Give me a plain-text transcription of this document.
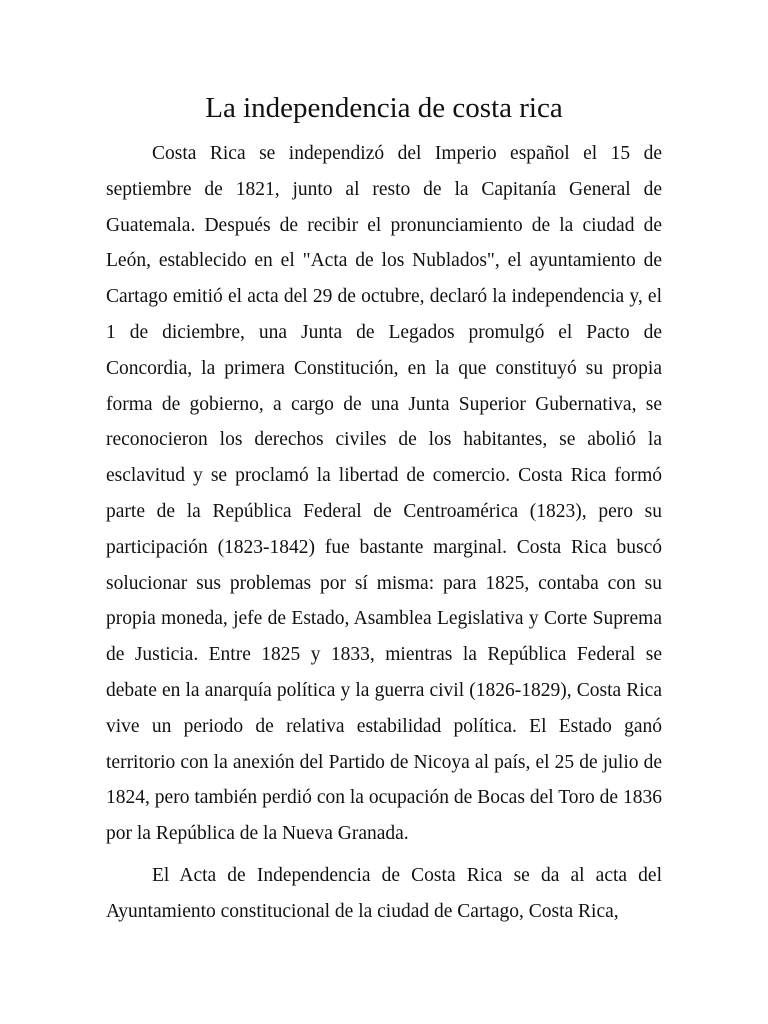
La independencia de costa rica

Costa Rica se independizó del Imperio español el 15 de septiembre de 1821, junto al resto de la Capitanía General de Guatemala. Después de recibir el pronunciamiento de la ciudad de León, establecido en el "Acta de los Nublados", el ayuntamiento de Cartago emitió el acta del 29 de octubre, declaró la independencia y, el 1 de diciembre, una Junta de Legados promulgó el Pacto de Concordia, la primera Constitución, en la que constituyó su propia forma de gobierno, a cargo de una Junta Superior Gubernativa, se reconocieron los derechos civiles de los habitantes, se abolió la esclavitud y se proclamó la libertad de comercio. Costa Rica formó parte de la República Federal de Centroamérica (1823), pero su participación (1823-1842) fue bastante marginal. Costa Rica buscó solucionar sus problemas por sí misma: para 1825, contaba con su propia moneda, jefe de Estado, Asamblea Legislativa y Corte Suprema de Justicia. Entre 1825 y 1833, mientras la República Federal se debate en la anarquía política y la guerra civil (1826-1829), Costa Rica vive un periodo de relativa estabilidad política. El Estado ganó territorio con la anexión del Partido de Nicoya al país, el 25 de julio de 1824, pero también perdió con la ocupación de Bocas del Toro de 1836 por la República de la Nueva Granada.

El Acta de Independencia de Costa Rica se da al acta del Ayuntamiento constitucional de la ciudad de Cartago, Costa Rica,
